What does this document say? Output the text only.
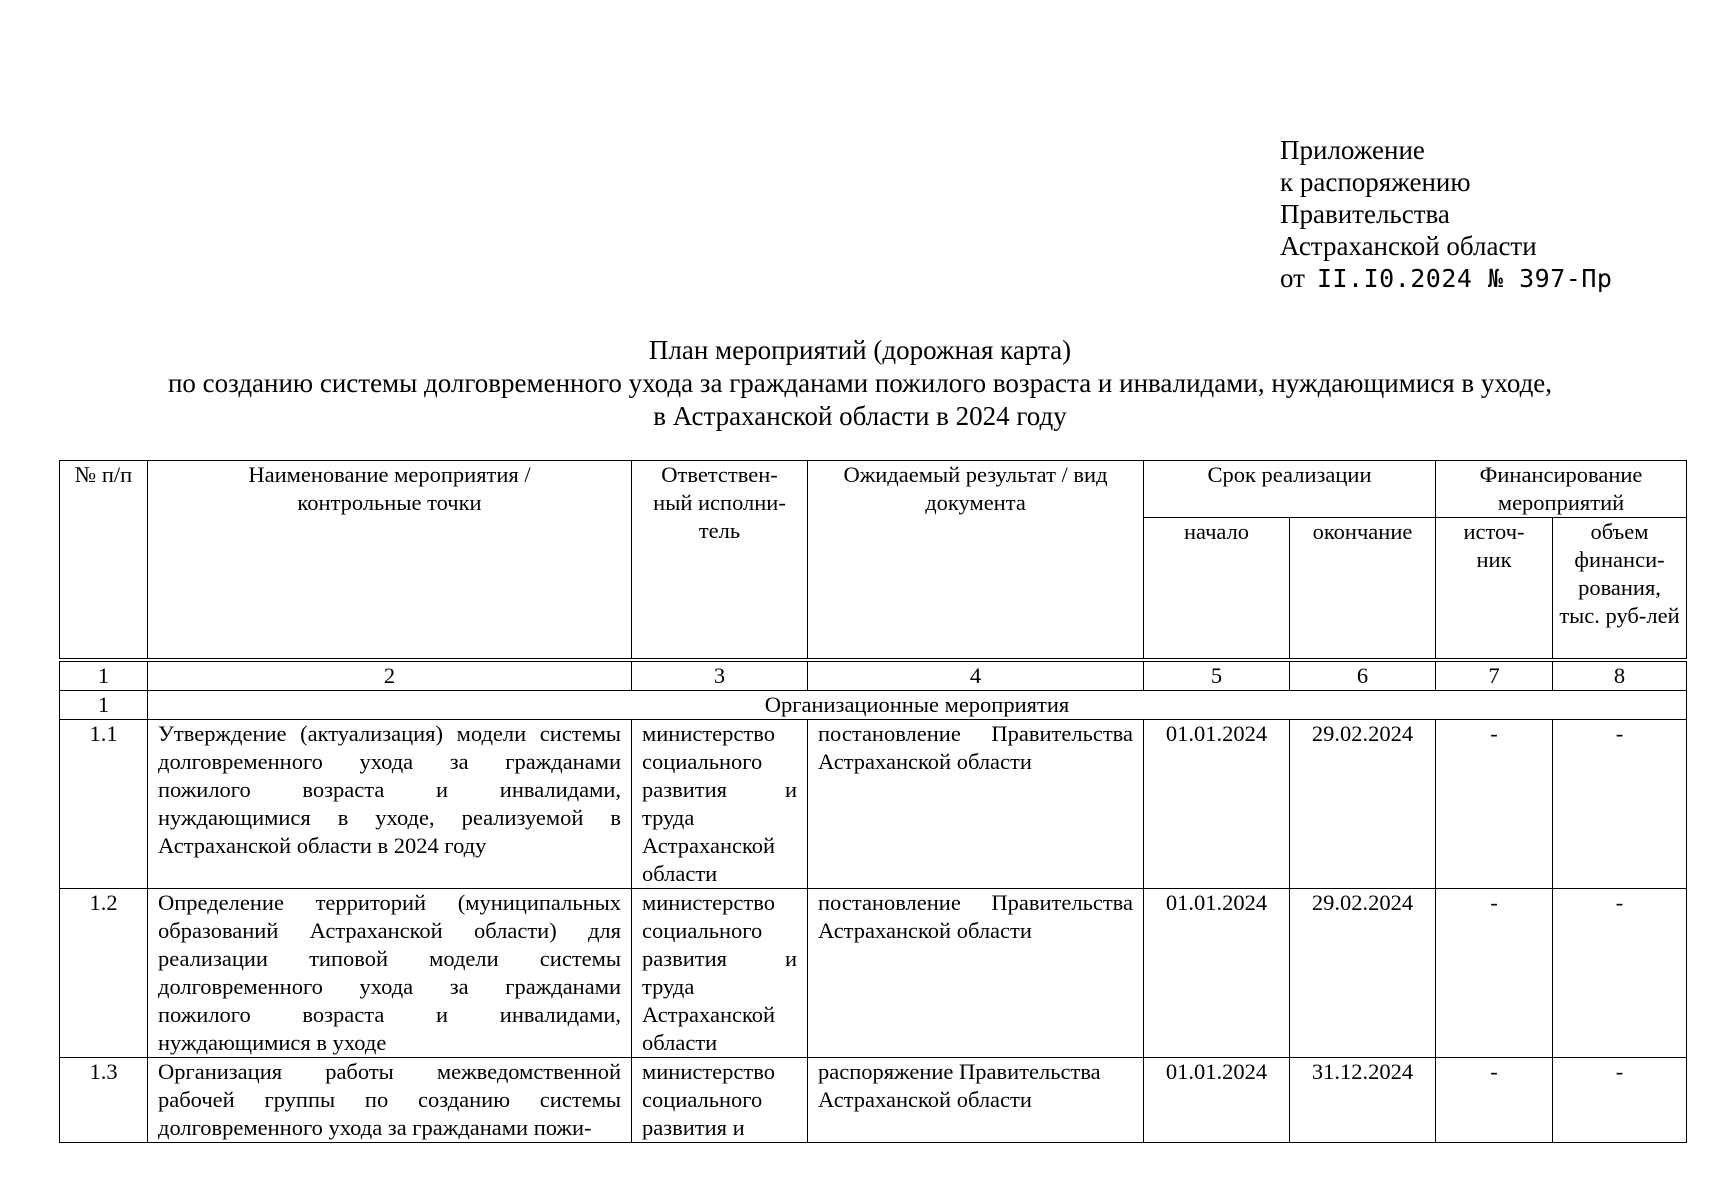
Приложение
к распоряжению
Правительства
Астраханской области
от II.I0.2024 № 397-Пр
План мероприятий (дорожная карта)
по созданию системы долговременного ухода за гражданами пожилого возраста и инвалидами, нуждающимися в уходе,
в Астраханской области в 2024 году
№ п/п	Наименование мероприятия / контрольные точки	Ответствен-ный исполни-тель	Ожидаемый результат / вид документа	Срок реализации		Финансирование мероприятий	
				начало	окончание	источ-ник	объем финанси-рования, тыс. руб-лей
1	2	3	4	5	6	7	8
1	Организационные мероприятия						
1.1	Утверждение (актуализация) модели системы долговременного ухода за гражданами пожилого возраста и инвалидами, нуждающимися в уходе, реализуемой в Астраханской области в 2024 году	министерство социального развития и труда Астраханской области	постановление Правительства Астраханской области	01.01.2024	29.02.2024	-	-
1.2	Определение территорий (муниципальных образований Астраханской области) для реализации типовой модели системы долговременного ухода за гражданами пожилого возраста и инвалидами, нуждающимися в уходе	министерство социального развития и труда Астраханской области	постановление Правительства Астраханской области	01.01.2024	29.02.2024	-	-
1.3	Организация работы межведомственной рабочей группы по созданию системы долговременного ухода за гражданами пожи-	министерство социального развития и	распоряжение Правительства Астраханской области	01.01.2024	31.12.2024	-	-
